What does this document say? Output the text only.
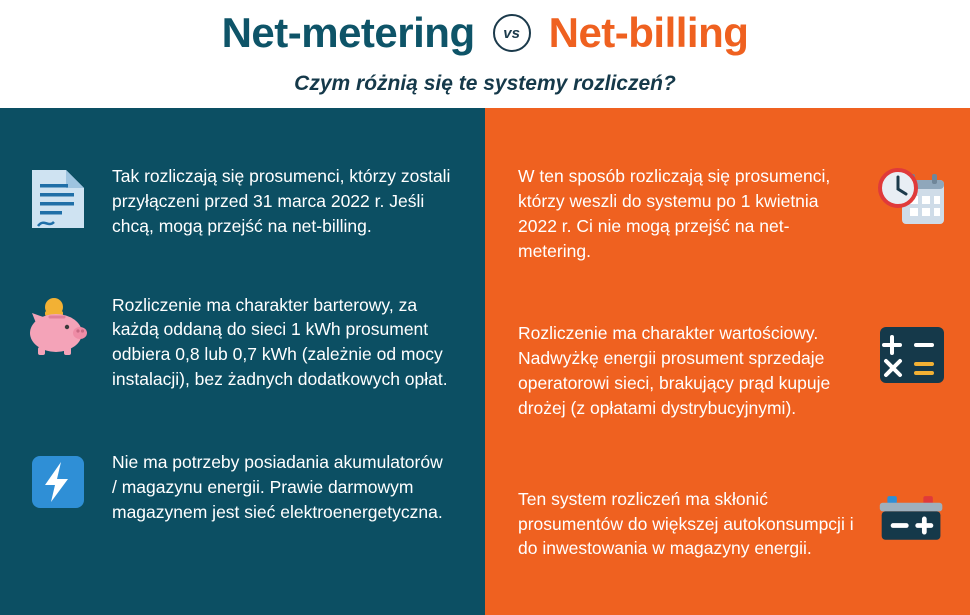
Net-metering	vs Net-billing
Czym różnią się te systemy rozliczeń?
Tak rozliczają się prosumenci, którzy zostali przyłączeni przed 31 marca 2022 r. Jeśli chcą, mogą przejść na net-billing.
Rozliczenie ma charakter barterowy, za każdą oddaną do sieci 1 kWh prosument odbiera 0,8 lub 0,7 kWh (zależnie od mocy instalacji), bez żadnych dodatkowych opłat.
Nie ma potrzeby posiadania akumulatorów / magazynu energii. Prawie darmowym magazynem jest sieć elektroenergetyczna.
W ten sposób rozliczają się prosumenci, którzy weszli do systemu po 1 kwietnia 2022 r. Ci nie mogą przejść na net-metering.
Rozliczenie ma charakter wartościowy. Nadwyżkę energii prosument sprzedaje operatorowi sieci, brakujący prąd kupuje drożej (z opłatami dystrybucyjnymi).
Ten system rozliczeń ma skłonić prosumentów do większej autokonsumpcji i do inwestowania w magazyny energii.
